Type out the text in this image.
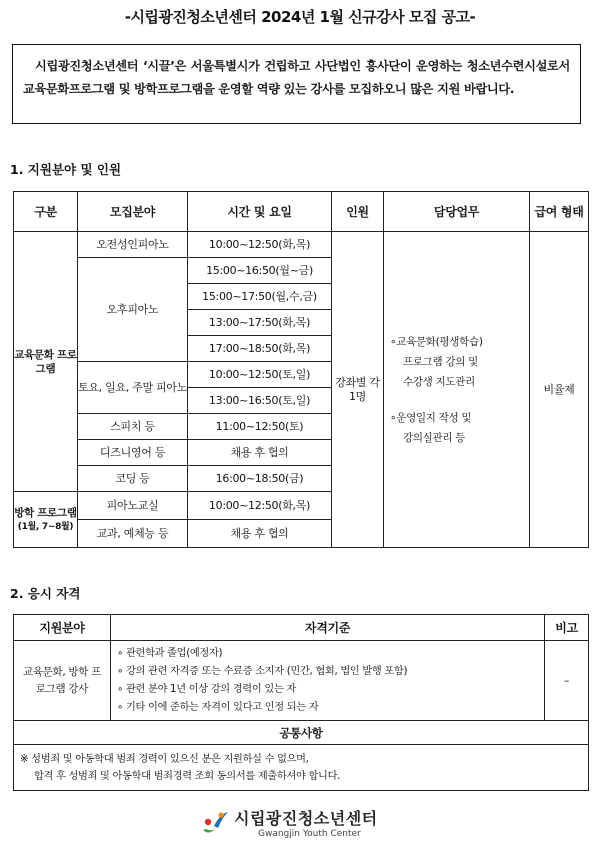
-시립광진청소년센터 2024년 1월 신규강사 모집 공고-

시립광진청소년센터 ‘시끌’은 서울특별시가 건립하고 사단법인 흥사단이 운영하는 청소년수련시설로서 교육문화프로그램 및 방학프로그램을 운영할 역량 있는 강사를 모집하오니 많은 지원 바랍니다.

1. 지원분야 및 인원
구분	모집분야	시간 및 요일	인원	담당업무	급여 형태
교육문화 프로그램	오전성인피아노	10:00~12:50(화,목)	강좌별 각 1명	∘교육문화(평생학습)
프로그램 강의 및
수강생 지도관리
∘운영일지 작성 및
강의실관리 등	비율제
	오후피아노	15:00~16:50(월~금)			
		15:00~17:50(월,수,금)			
		13:00~17:50(화,목)			
		17:00~18:50(화,목)			
	토요, 일요, 주말 피아노	10:00~12:50(토,일)			
		13:00~16:50(토,일)			
	스피치 등	11:00~12:50(토)			
	디즈니영어 등	채용 후 협의			
	코딩 등	16:00~18:50(금)			

방학 프로그램
(1월, 7~8월)	피아노교실	10:00~12:50(화,목)			
	교과, 예체능 등	채용 후 협의			
2. 응시 자격
지원분야	자격기준	비고
교육문화, 방학 프로그램 강사	∘ 관련학과 졸업(예정자)
∘ 강의 관련 자격증 또는 수료증 소지자 (민간, 협회, 법인 발행 포함)
∘ 관련 분야 1년 이상 강의 경력이 있는 자
∘ 기타 이에 준하는 자격이 있다고 인정 되는 자	–
공통사항		

※ 성범죄 및 아동학대 범죄 경력이 있으신 분은 지원하실 수 없으며,
합격 후 성범죄 및 아동학대 범죄경력 조회 동의서를 제출하셔야 합니다.		
시립광진청소년센터
Gwangjin Youth Center
